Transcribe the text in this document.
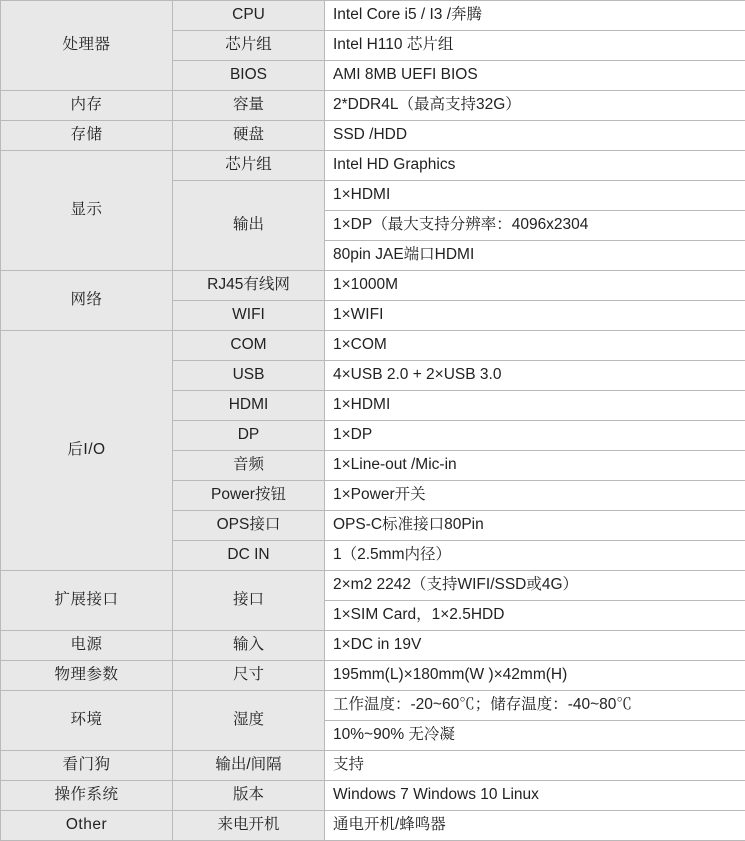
处理器	CPU	Intel Core i5 / I3 /奔腾
	芯片组	Intel H110 芯片组
	BIOS	AMI 8MB UEFI BIOS
内存	容量	2*DDR4L（最高支持32G）
存储	硬盘	SSD /HDD
显示	芯片组	Intel HD Graphics
	输出	1×HDMI
		1×DP（最大支持分辨率：4096x2304
		80pin JAE端口HDMI
网络	RJ45有线网	1×1000M
	WIFI	1×WIFI
后I/O	COM	1×COM
	USB	4×USB 2.0 + 2×USB 3.0
	HDMI	1×HDMI
	DP	1×DP
	音频	1×Line-out /Mic-in
	Power按钮	1×Power开关
	OPS接口	OPS-C标准接口80Pin
	DC IN	1（2.5mm内径）
扩展接口	接口	2×m2 2242（支持WIFI/SSD或4G）
		1×SIM Card，1×2.5HDD
电源	输入	1×DC in 19V
物理参数	尺寸	195mm(L)×180mm(W )×42mm(H)
环境	湿度	工作温度：-20~60℃；储存温度：-40~80℃
		10%~90% 无冷凝
看门狗	输出/间隔	支持
操作系统	版本	Windows 7 Windows 10 Linux
Other	来电开机	通电开机/蜂鸣器
